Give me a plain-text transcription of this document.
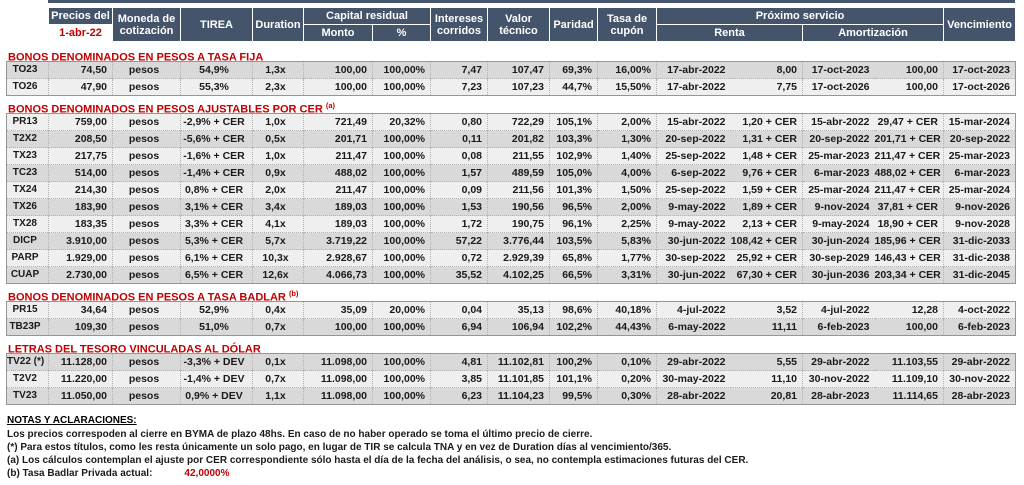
Precios del	Moneda de cotización	TIREA	Duration	Capital residual		Intereses corridos	Valor técnico	Paridad	Tasa de cupón	Próximo servicio		Vencimiento
1-abr-22				Monto	%					Renta	Amortización	
BONOS DENOMINADOS EN PESOS A TASA FIJA
TO23	74,50	pesos	54,9%	1,3x	100,00	100,00%	7,47	107,47	69,3%	16,00%	17-abr-2022	8,00	17-oct-2023	100,00	17-oct-2023
TO26	47,90	pesos	55,3%	2,3x	100,00	100,00%	7,23	107,23	44,7%	15,50%	17-abr-2022	7,75	17-oct-2026	100,00	17-oct-2026
BONOS DENOMINADOS EN PESOS AJUSTABLES POR CER $^{(a)}$
PR13	759,00	pesos	-2,9% + CER	1,0x	721,49	20,32%	0,80	722,29	105,1%	2,00%	15-abr-2022	1,20 + CER	15-abr-2022	29,47 + CER	15-mar-2024
T2X2	208,50	pesos	-5,6% + CER	0,5x	201,71	100,00%	0,11	201,82	103,3%	1,30%	20-sep-2022	1,31 + CER	20-sep-2022	201,71 + CER	20-sep-2022
TX23	217,75	pesos	-1,6% + CER	1,0x	211,47	100,00%	0,08	211,55	102,9%	1,40%	25-sep-2022	1,48 + CER	25-mar-2023	211,47 + CER	25-mar-2023
TC23	514,00	pesos	-1,4% + CER	0,9x	488,02	100,00%	1,57	489,59	105,0%	4,00%	6-sep-2022	9,76 + CER	6-mar-2023	488,02 + CER	6-mar-2023
TX24	214,30	pesos	0,8% + CER	2,0x	211,47	100,00%	0,09	211,56	101,3%	1,50%	25-sep-2022	1,59 + CER	25-mar-2024	211,47 + CER	25-mar-2024
TX26	183,90	pesos	3,1% + CER	3,4x	189,03	100,00%	1,53	190,56	96,5%	2,00%	9-may-2022	1,89 + CER	9-nov-2024	37,81 + CER	9-nov-2026
TX28	183,35	pesos	3,3% + CER	4,1x	189,03	100,00%	1,72	190,75	96,1%	2,25%	9-may-2022	2,13 + CER	9-may-2024	18,90 + CER	9-nov-2028
DICP	3.910,00	pesos	5,3% + CER	5,7x	3.719,22	100,00%	57,22	3.776,44	103,5%	5,83%	30-jun-2022	108,42 + CER	30-jun-2024	185,96 + CER	31-dic-2033
PARP	1.929,00	pesos	6,1% + CER	10,3x	2.928,67	100,00%	0,72	2.929,39	65,8%	1,77%	30-sep-2022	25,92 + CER	30-sep-2029	146,43 + CER	31-dic-2038
CUAP	2.730,00	pesos	6,5% + CER	12,6x	4.066,73	100,00%	35,52	4.102,25	66,5%	3,31%	30-jun-2022	67,30 + CER	30-jun-2036	203,34 + CER	31-dic-2045
BONOS DENOMINADOS EN PESOS A TASA BADLAR $^{(b)}$
PR15	34,64	pesos	52,9%	0,4x	35,09	20,00%	0,04	35,13	98,6%	40,18%	4-jul-2022	3,52	4-jul-2022	12,28	4-oct-2022
TB23P	109,30	pesos	51,0%	0,7x	100,00	100,00%	6,94	106,94	102,2%	44,43%	6-may-2022	11,11	6-feb-2023	100,00	6-feb-2023
LETRAS DEL TESORO VINCULADAS AL DÓLAR
TV22 (*)	11.128,00	pesos	-3,3% + DEV	0,1x	11.098,00	100,00%	4,81	11.102,81	100,2%	0,10%	29-abr-2022	5,55	29-abr-2022	11.103,55	29-abr-2022
T2V2	11.220,00	pesos	-1,4% + DEV	0,7x	11.098,00	100,00%	3,85	11.101,85	101,1%	0,20%	30-may-2022	11,10	30-nov-2022	11.109,10	30-nov-2022
TV23	11.050,00	pesos	0,9% + DEV	1,1x	11.098,00	100,00%	6,23	11.104,23	99,5%	0,30%	28-abr-2022	20,81	28-abr-2023	11.114,65	28-abr-2023
NOTAS Y ACLARACIONES:
Los precios correspoden al cierre en BYMA de plazo 48hs. En caso de no haber operado se toma el último precio de cierre.
(*) Para estos títulos, como les resta únicamente un solo pago, en lugar de TIR se calcula TNA y en vez de Duration días al vencimiento/365.
(a) Los cálculos contemplan el ajuste por CER correspondiente sólo hasta el día de la fecha del análisis, o sea, no contempla estimaciones futuras del CER.
(b) Tasa Badlar Privada actual:	42,0000%
